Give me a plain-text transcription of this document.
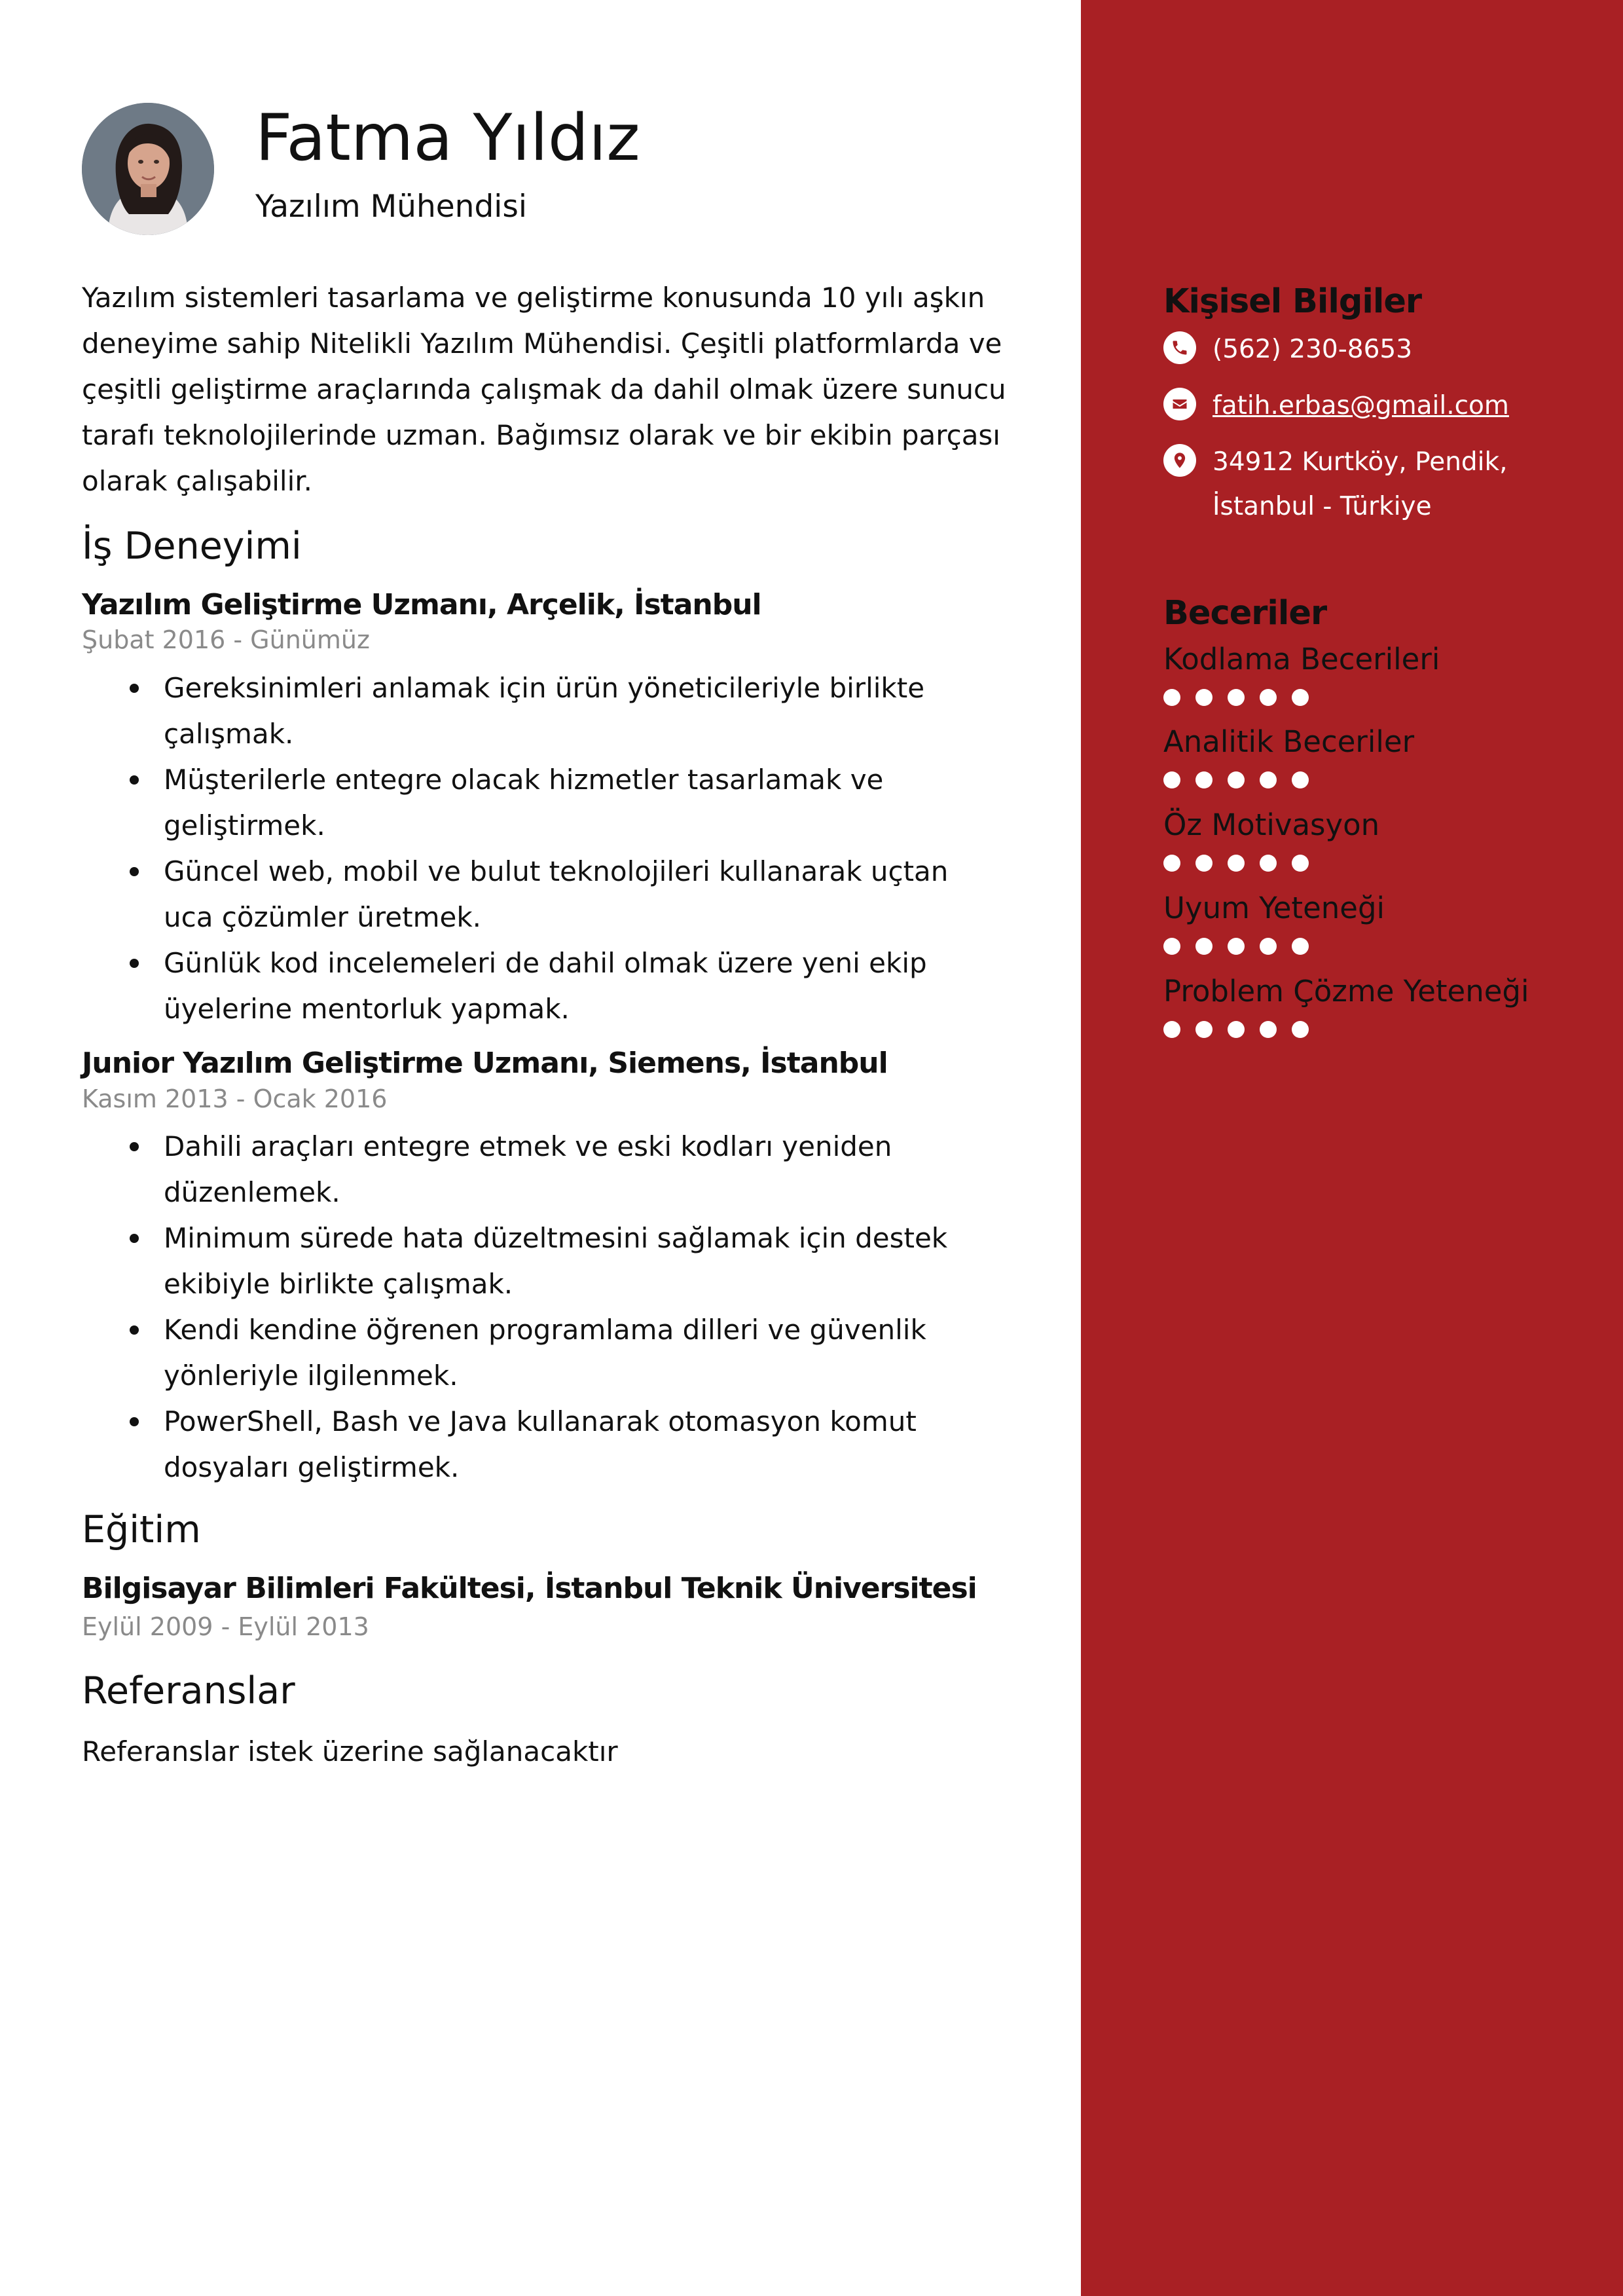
Fatma Yıldız
Yazılım Mühendisi
Yazılım sistemleri tasarlama ve geliştirme konusunda 10 yılı aşkın deneyime sahip Nitelikli Yazılım Mühendisi. Çeşitli platformlarda ve çeşitli geliştirme araçlarında çalışmak da dahil olmak üzere sunucu tarafı teknolojilerinde uzman. Bağımsız olarak ve bir ekibin parçası olarak çalışabilir.
İş Deneyimi
Yazılım Geliştirme Uzmanı, Arçelik, İstanbul
Şubat 2016 - Günümüz
Gereksinimleri anlamak için ürün yöneticileriyle birlikte çalışmak.
Müşterilerle entegre olacak hizmetler tasarlamak ve geliştirmek.
Güncel web, mobil ve bulut teknolojileri kullanarak uçtan uca çözümler üretmek.
Günlük kod incelemeleri de dahil olmak üzere yeni ekip üyelerine mentorluk yapmak.
Junior Yazılım Geliştirme Uzmanı, Siemens, İstanbul
Kasım 2013 - Ocak 2016
Dahili araçları entegre etmek ve eski kodları yeniden düzenlemek.
Minimum sürede hata düzeltmesini sağlamak için destek ekibiyle birlikte çalışmak.
Kendi kendine öğrenen programlama dilleri ve güvenlik yönleriyle ilgilenmek.
PowerShell, Bash ve Java kullanarak otomasyon komut dosyaları geliştirmek.
Eğitim
Bilgisayar Bilimleri Fakültesi, İstanbul Teknik Üniversitesi
Eylül 2009 - Eylül 2013
Referanslar
Referanslar istek üzerine sağlanacaktır
Kişisel Bilgiler
(562) 230-8653
fatih.erbas@gmail.com
34912 Kurtköy, Pendik, İstanbul - Türkiye
Beceriler
Kodlama Becerileri
Analitik Beceriler
Öz Motivasyon
Uyum Yeteneği
Problem Çözme Yeteneği
